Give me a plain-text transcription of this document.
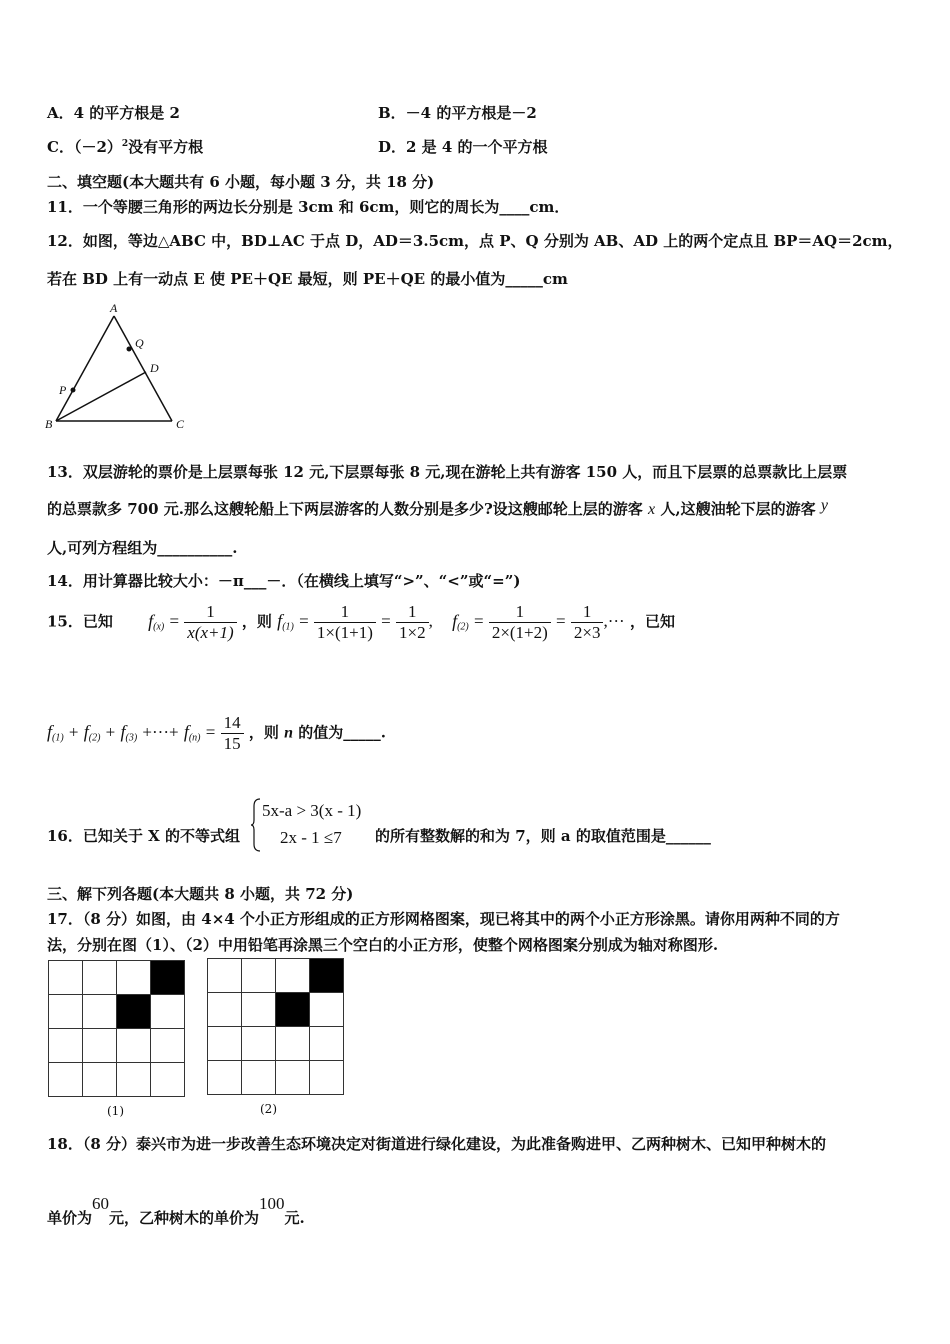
A．4 的平方根是 2	B．－4 的平方根是－2
C．$(-2)^2$没有平方根	D．2 是 4 的一个平方根
二、填空题(本大题共有 6 小题，每小题 3 分，共 18 分)
11．一个等腰三角形的两边长分别是 3cm 和 6cm，则它的周长为____cm．
12．如图，等边△ABC 中，BD⊥AC 于点 D，AD＝3.5cm，点 P、Q 分别为 AB、AD 上的两个定点且 BP＝AQ＝2cm，
若在 BD 上有一动点 E 使 PE＋QE 最短，则 PE＋QE 的最小值为_____cm
A
Q
D
P
B	C
13．双层游轮的票价是上层票每张 12 元,下层票每张 8 元,现在游轮上共有游客 150 人，而且下层票的总票款比上层票
的总票款多 700 元.那么这艘轮船上下两层游客的人数分别是多少?设这艘邮轮上层的游客 x 人,这艘油轮下层的游客 y
人,可列方程组为__________.
14．用计算器比较大小：－π___－．（在横线上填写“>”、“<”或“=”)
15．已知 $f_{(x)} = \frac{1}{x(x+1)}$ ，则 $f_{(1)} = \frac{1}{1\times(1+1)} = \frac{1}{1\times 2}$ , $f_{(2)} = \frac{1}{2\times(1+2)} = \frac{1}{2\times 3}$ ,··· ，已知
$f_{(1)} + f_{(2)} + f_{(3)}$ +···+ $f_{(n)} = \frac{14}{15}$ ，则 n 的值为_____.
16．已知关于 X 的不等式组
5x-a > 3(x - 1)
2x - 1 ≤7 的所有整数解的和为 7，则 a 的取值范围是______
三、解下列各题(本大题共 8 小题，共 72 分)
17．（8 分）如图，由 4×4 个小正方形组成的正方形网格图案，现已将其中的两个小正方形涂黑。请你用两种不同的方
法，分别在图（1）、（2）中用铅笔再涂黑三个空白的小正方形，使整个网格图案分别成为轴对称图形.

(1)

				(2)
18．（8 分）泰兴市为进一步改善生态环境决定对街道进行绿化建设，为此准备购进甲、乙两种树木、已知甲种树木的
单价为60元，乙种树木的单价为100元.
